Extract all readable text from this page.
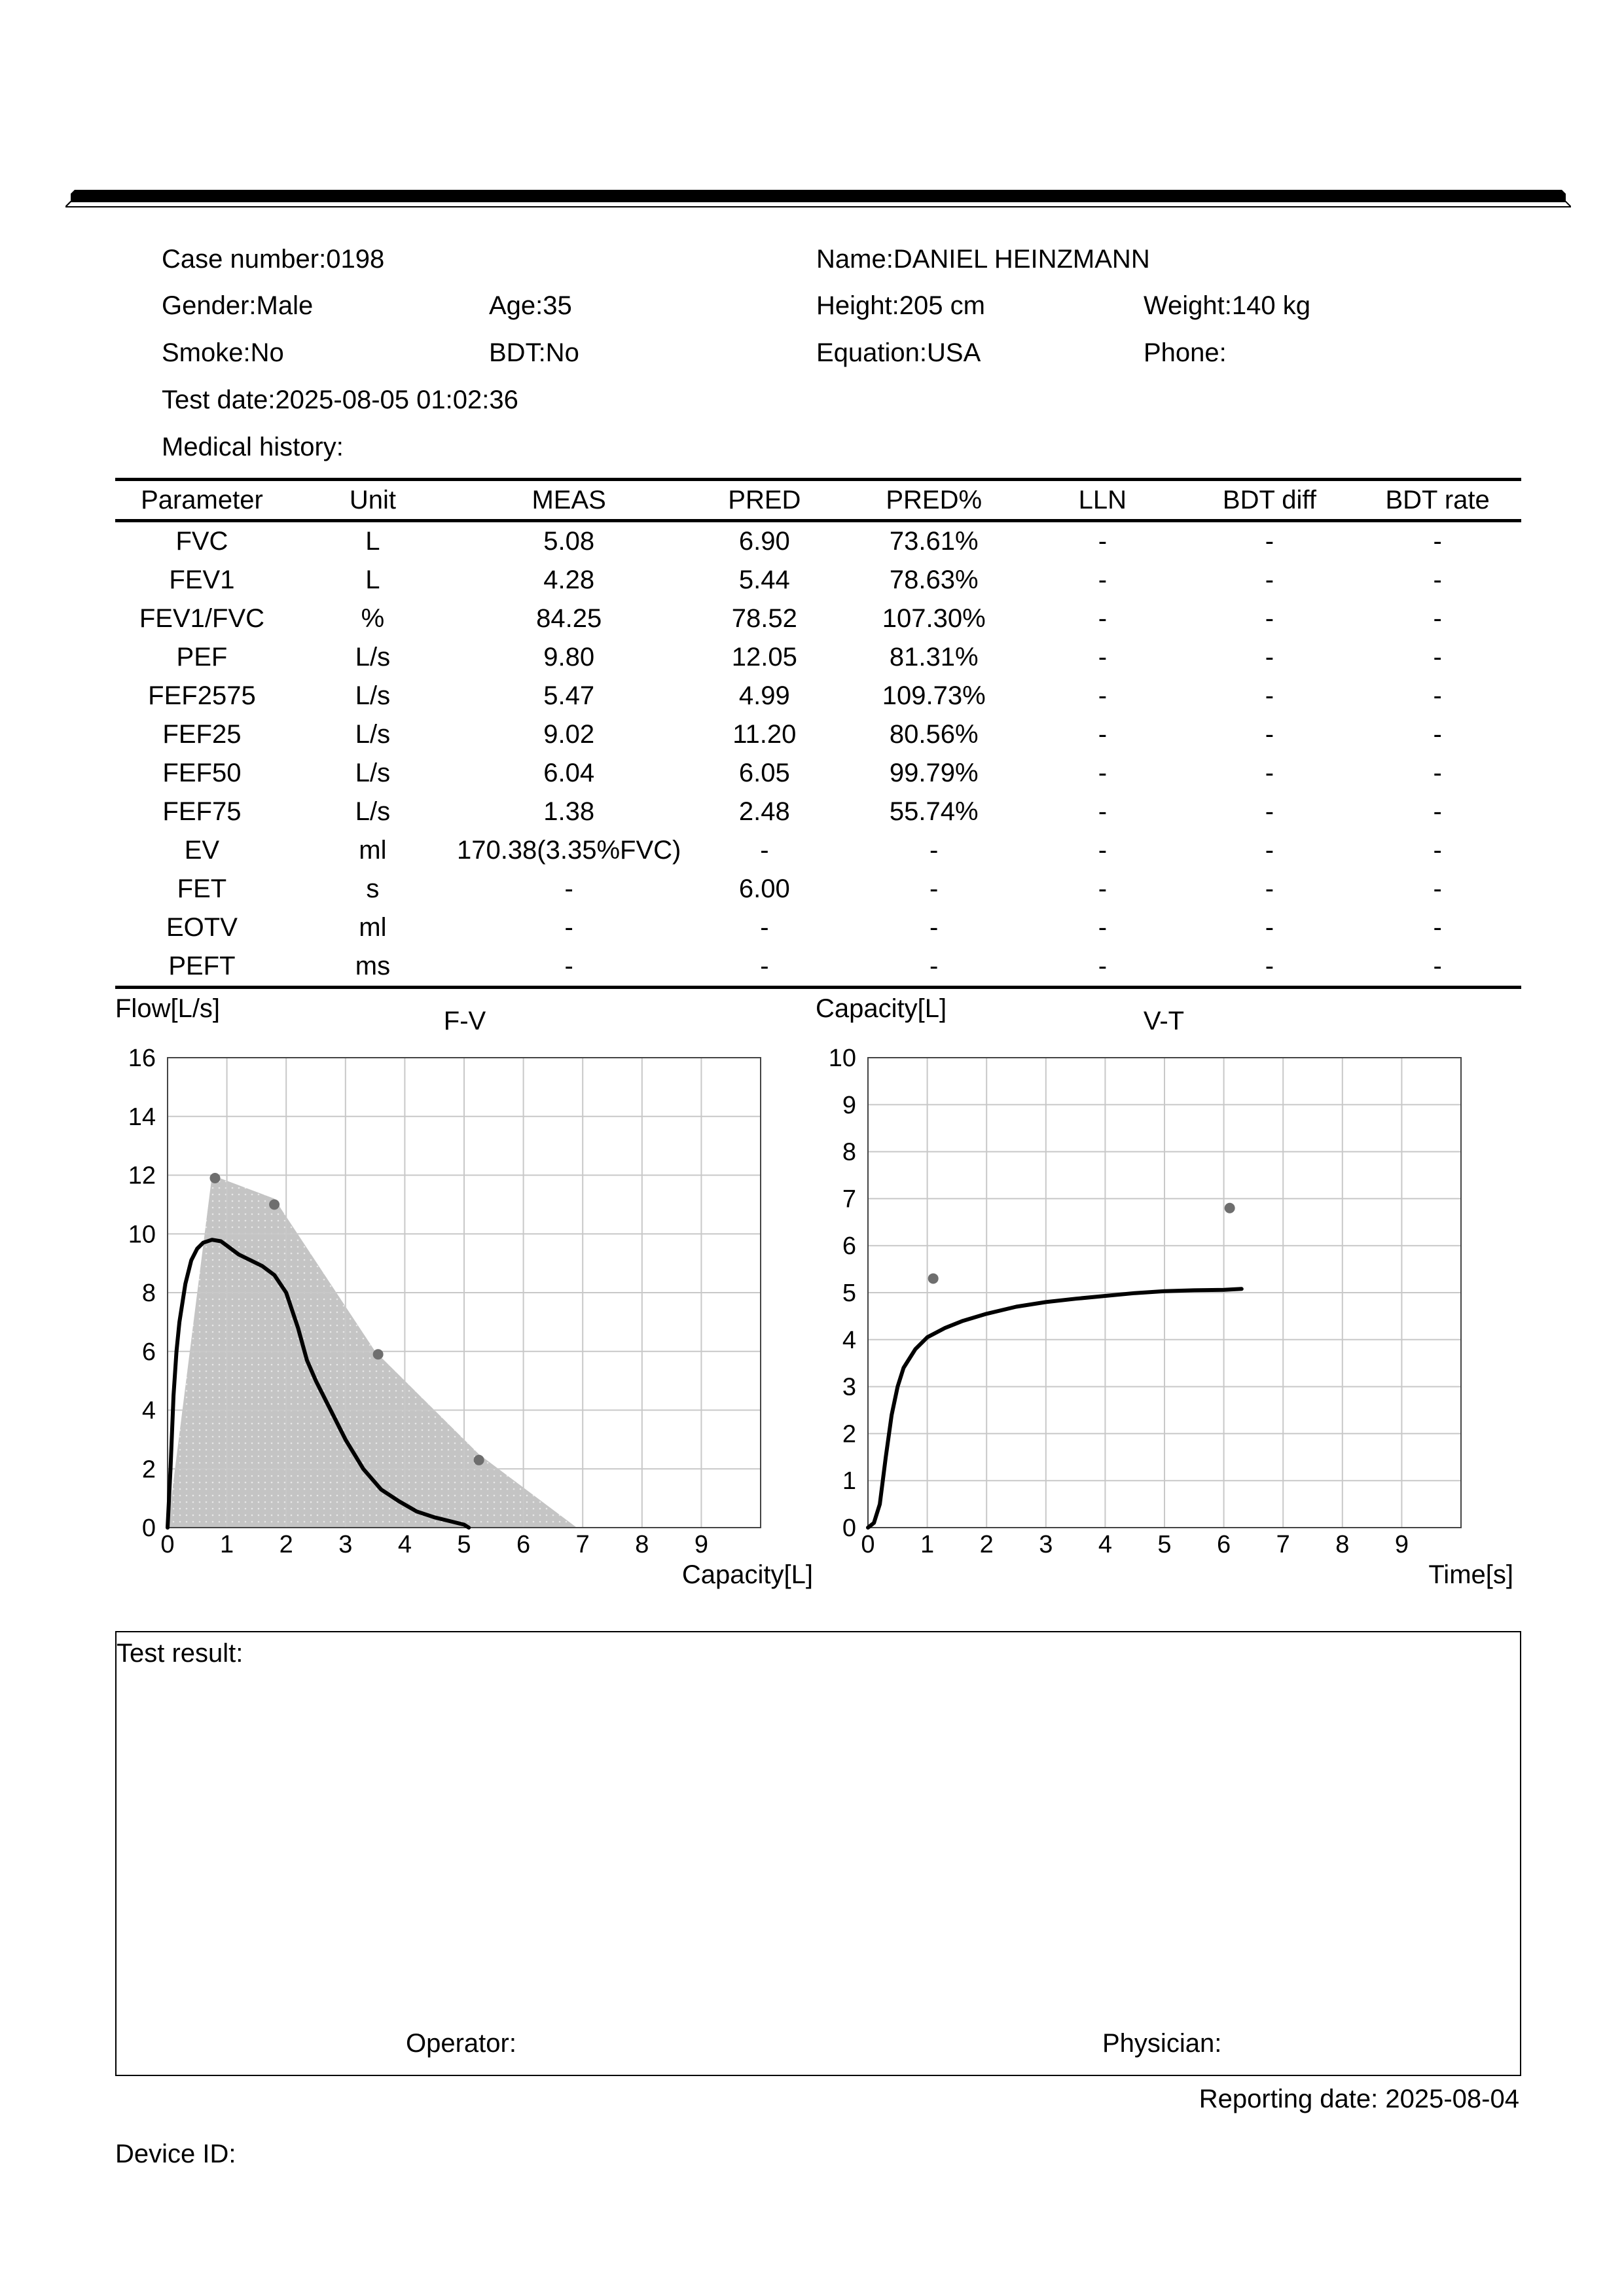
Case number:0198	Name:DANIEL HEINZMANN
Gender:Male	Age:35	Height:205 cm	Weight:140 kg
Smoke:No	BDT:No	Equation:USA	Phone:
Test date:2025-08-05 01:02:36
Medical history:
Parameter	Unit	MEAS	PRED	PRED%	LLN	BDT diff	BDT rate
FVC	L	5.08	6.90	73.61%	-	-	-
FEV1	L	4.28	5.44	78.63%	-	-	-
FEV1/FVC	%	84.25	78.52	107.30%	-	-	-
PEF	L/s	9.80	12.05	81.31%	-	-	-
FEF2575	L/s	5.47	4.99	109.73%	-	-	-
FEF25	L/s	9.02	11.20	80.56%	-	-	-
FEF50	L/s	6.04	6.05	99.79%	-	-	-
FEF75	L/s	1.38	2.48	55.74%	-	-	-
EV	ml	170.38(3.35%FVC)	-	-	-	-	-
FET	s	-	6.00	-	-	-	-
EOTV	ml	-	-	-	-	-	-
PEFT	ms	-	-	-	-	-	-
0 1 2 3 4 5 6 7 8 9
0
2
4
6
8
10
12
14
16
F-V
Flow[L/s]
Capacity[L]
0 1 2 3 4 5 6 7 8 9
0
1
2
3
4
5
6
7
8
9
10
V-T
Capacity[L]
Time[s]
Test result:
Operator:	Physician:
Reporting date: 2025-08-04
Device ID:
